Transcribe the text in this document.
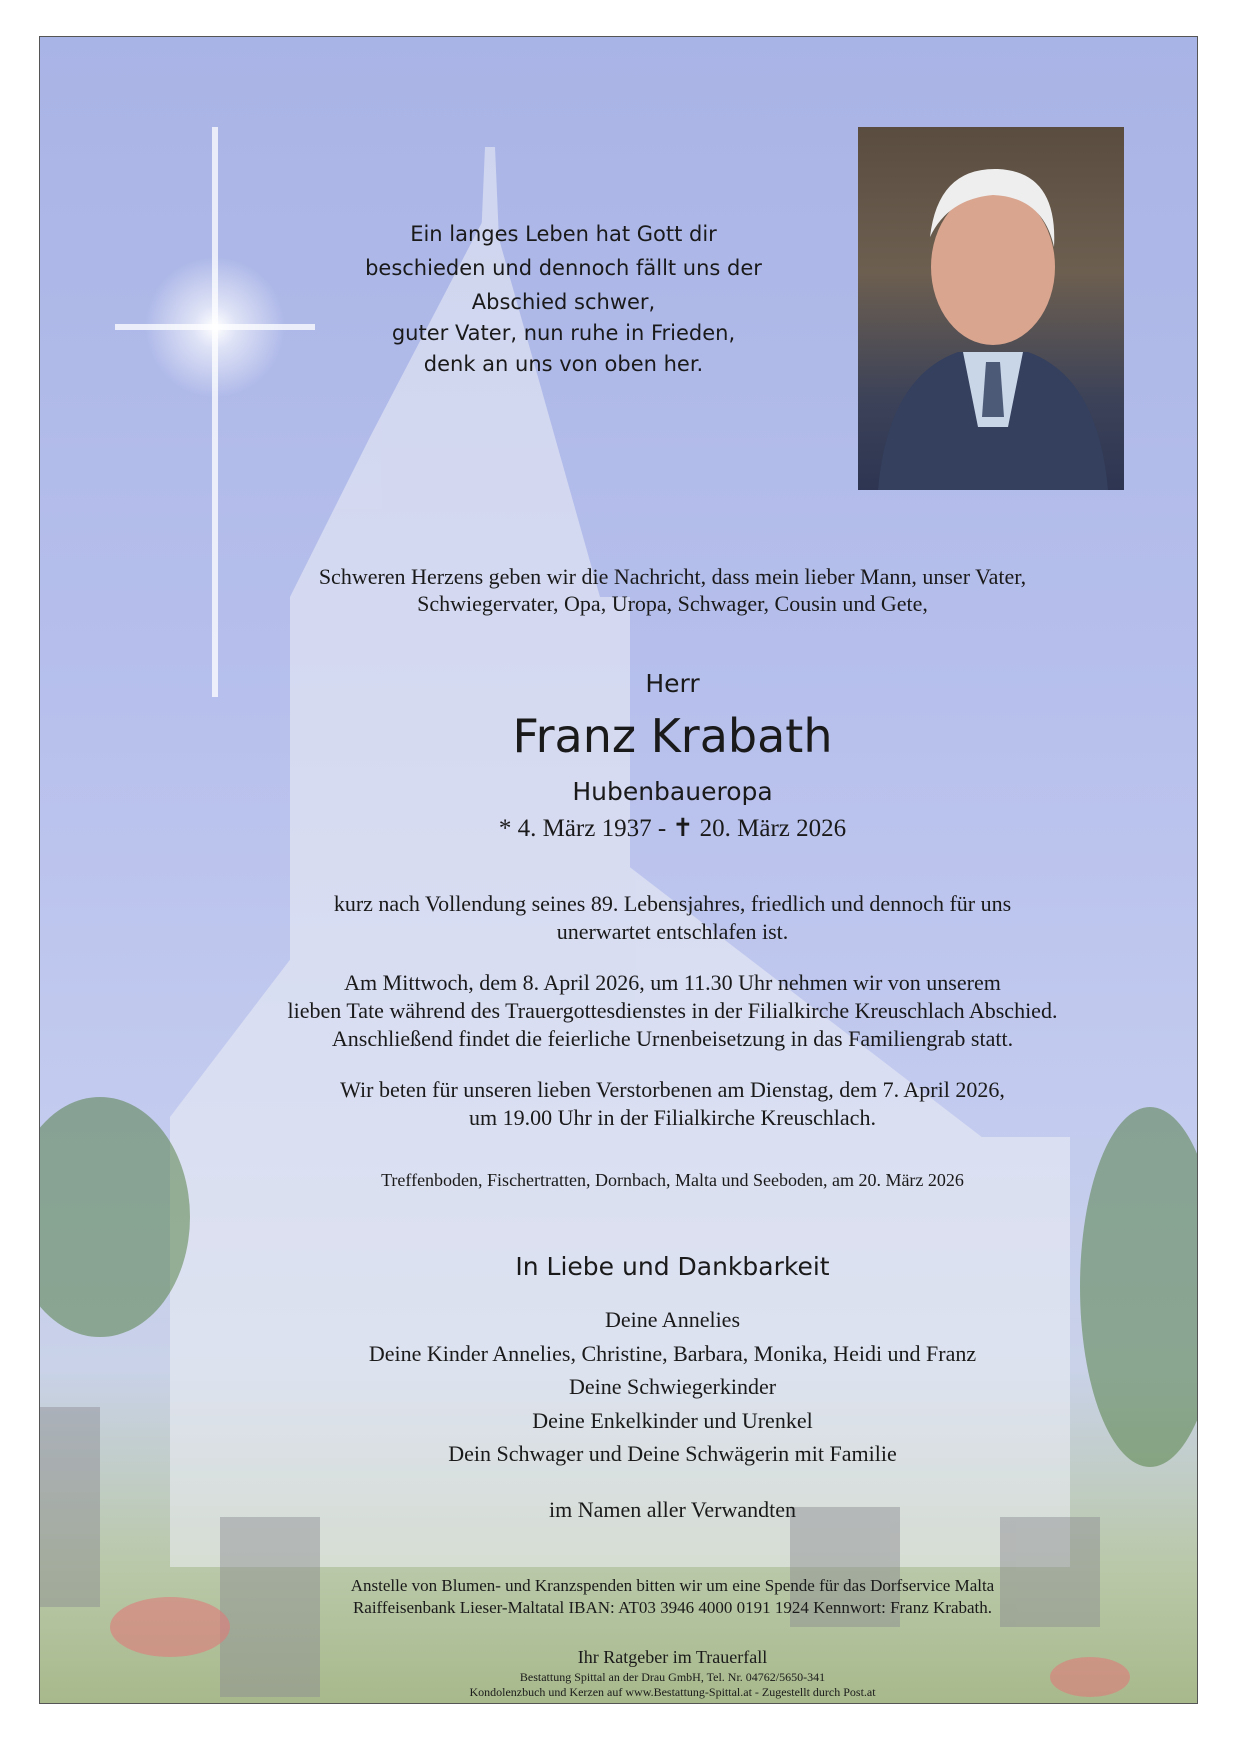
Ein langes Leben hat Gott dir
beschieden und dennoch fällt uns der
Abschied schwer,
guter Vater, nun ruhe in Frieden,
denk an uns von oben her.
Schweren Herzens geben wir die Nachricht, dass mein lieber Mann, unser Vater,
Schwiegervater, Opa, Uropa, Schwager, Cousin und Gete,
Herr
Franz Krabath
Hubenbaueropa
* 4. März 1937 - ✝ 20. März 2026
kurz nach Vollendung seines 89. Lebensjahres, friedlich und dennoch für uns
unerwartet entschlafen ist.
Am Mittwoch, dem 8. April 2026, um 11.30 Uhr nehmen wir von unserem
lieben Tate während des Trauergottesdienstes in der Filialkirche Kreuschlach Abschied.
Anschließend findet die feierliche Urnenbeisetzung in das Familiengrab statt.
Wir beten für unseren lieben Verstorbenen am Dienstag, dem 7. April 2026,
um 19.00 Uhr in der Filialkirche Kreuschlach.
Treffenboden, Fischertratten, Dornbach, Malta und Seeboden, am 20. März 2026
In Liebe und Dankbarkeit
Deine Annelies
Deine Kinder Annelies, Christine, Barbara, Monika, Heidi und Franz
Deine Schwiegerkinder
Deine Enkelkinder und Urenkel
Dein Schwager und Deine Schwägerin mit Familie
im Namen aller Verwandten
Anstelle von Blumen- und Kranzspenden bitten wir um eine Spende für das Dorfservice Malta
Raiffeisenbank Lieser-Maltatal IBAN: AT03 3946 4000 0191 1924 Kennwort: Franz Krabath.
Ihr Ratgeber im Trauerfall
Bestattung Spittal an der Drau GmbH, Tel. Nr. 04762/5650-341
Kondolenzbuch und Kerzen auf www.Bestattung-Spittal.at - Zugestellt durch Post.at
